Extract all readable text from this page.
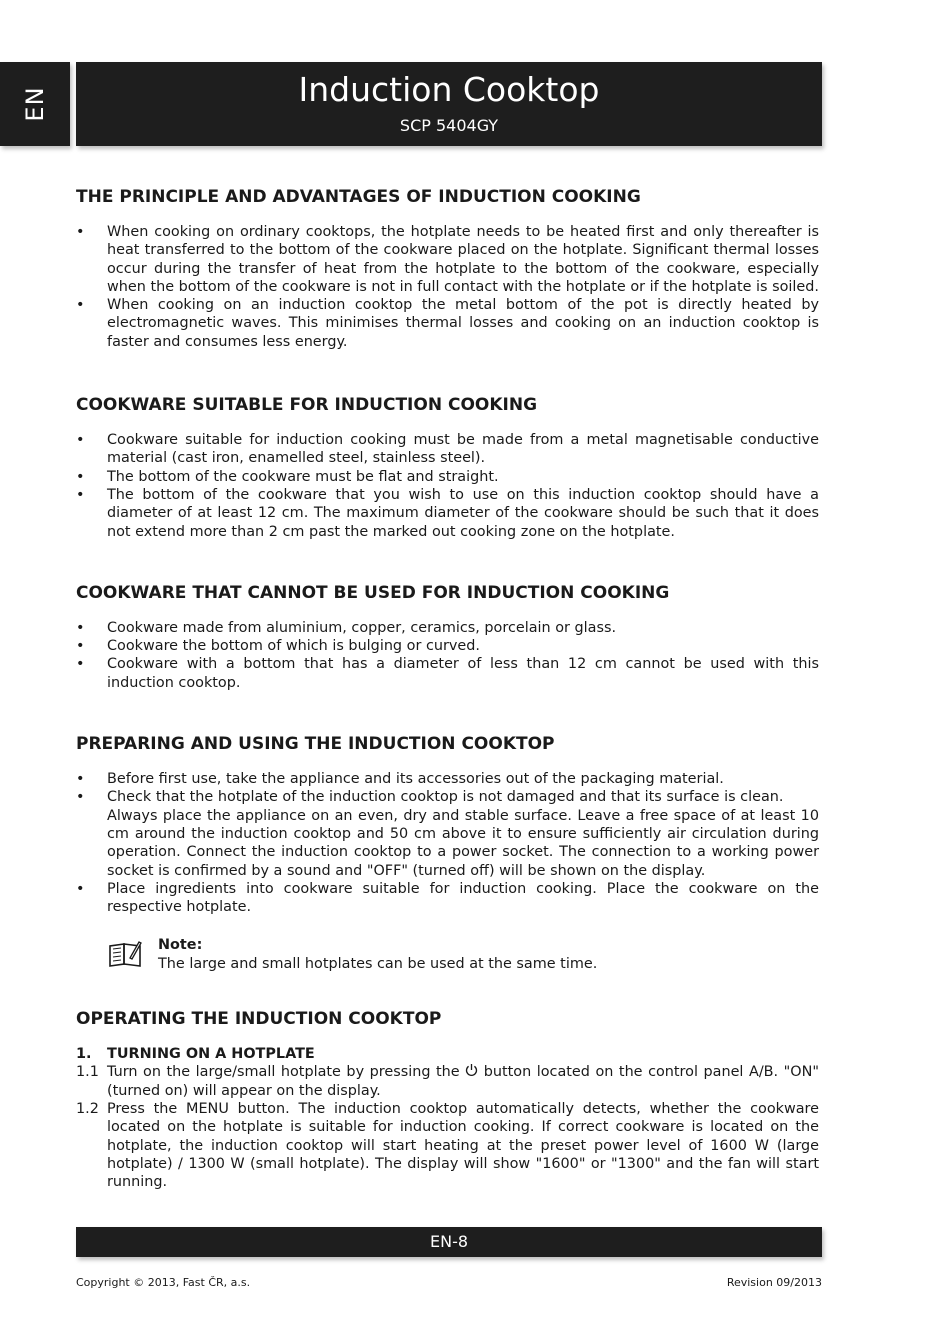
EN	Induction Cooktop
SCP 5404GY
THE PRINCIPLE AND ADVANTAGES OF INDUCTION COOKING
• When cooking on ordinary cooktops, the hotplate needs to be heated first and only thereafter is heat transferred to the bottom of the cookware placed on the hotplate. Significant thermal losses occur during the transfer of heat from the hotplate to the bottom of the cookware, especially when the bottom of the cookware is not in full contact with the hotplate or if the hotplate is soiled.
• When cooking on an induction cooktop the metal bottom of the pot is directly heated by electromagnetic waves. This minimises thermal losses and cooking on an induction cooktop is faster and consumes less energy.
COOKWARE SUITABLE FOR INDUCTION COOKING
• Cookware suitable for induction cooking must be made from a metal magnetisable conductive material (cast iron, enamelled steel, stainless steel).
• The bottom of the cookware must be flat and straight.
• The bottom of the cookware that you wish to use on this induction cooktop should have a diameter of at least 12 cm. The maximum diameter of the cookware should be such that it does not extend more than 2 cm past the marked out cooking zone on the hotplate.
COOKWARE THAT CANNOT BE USED FOR INDUCTION COOKING
• Cookware made from aluminium, copper, ceramics, porcelain or glass.
• Cookware the bottom of which is bulging or curved.
• Cookware with a bottom that has a diameter of less than 12 cm cannot be used with this induction cooktop.
PREPARING AND USING THE INDUCTION COOKTOP
• Before first use, take the appliance and its accessories out of the packaging material.
• Check that the hotplate of the induction cooktop is not damaged and that its surface is clean.
Always place the appliance on an even, dry and stable surface. Leave a free space of at least 10 cm around the induction cooktop and 50 cm above it to ensure sufficiently air circulation during operation. Connect the induction cooktop to a power socket. The connection to a working power socket is confirmed by a sound and "OFF" (turned off) will be shown on the display.
• Place ingredients into cookware suitable for induction cooking. Place the cookware on the respective hotplate.
Note:
The large and small hotplates can be used at the same time.
OPERATING THE INDUCTION COOKTOP
1. TURNING ON A HOTPLATE
1.1 Turn on the large/small hotplate by pressing the button located on the control panel A/B. "ON" (turned on) will appear on the display.
1.2 Press the MENU button. The induction cooktop automatically detects, whether the cookware located on the hotplate is suitable for induction cooking. If correct cookware is located on the hotplate, the induction cooktop will start heating at the preset power level of 1600 W (large hotplate) / 1300 W (small hotplate). The display will show "1600" or "1300" and the fan will start running.
EN-8
Copyright © 2013, Fast ČR, a.s.	Revision 09/2013
